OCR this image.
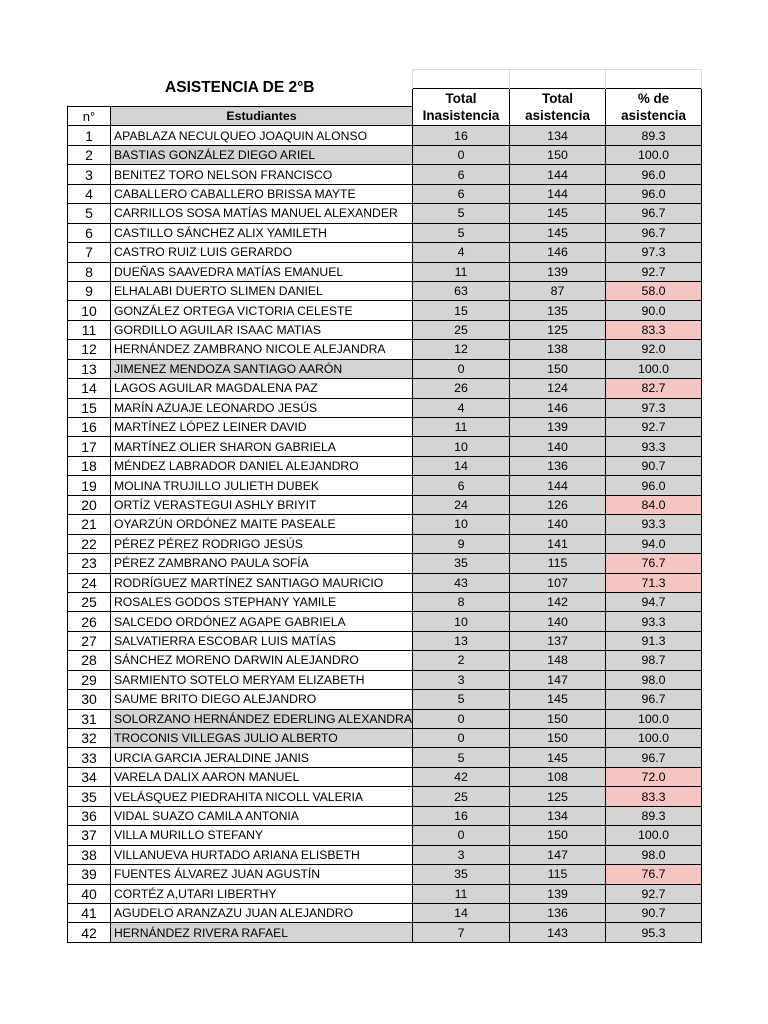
ASISTENCIA DE 2°B				
		Total Inasistencia	Total asistencia	% de asistencia
n°	Estudiantes			
1	APABLAZA NECULQUEO JOAQUIN ALONSO	16	134	89.3
2	BASTIAS GONZÁLEZ DIEGO ARIEL	0	150	100.0
3	BENITEZ TORO NELSON FRANCISCO	6	144	96.0
4	CABALLERO CABALLERO BRISSA MAYTE	6	144	96.0
5	CARRILLOS SOSA MATÍAS MANUEL ALEXANDER	5	145	96.7
6	CASTILLO SÁNCHEZ ALIX YAMILETH	5	145	96.7
7	CASTRO RUIZ LUIS GERARDO	4	146	97.3
8	DUEÑAS SAAVEDRA MATÍAS EMANUEL	11	139	92.7
9	ELHALABI DUERTO SLIMEN DANIEL	63	87	58.0
10	GONZÁLEZ ORTEGA VICTORIA CELESTE	15	135	90.0
11	GORDILLO AGUILAR ISAAC MATIAS	25	125	83.3
12	HERNÁNDEZ ZAMBRANO NICOLE ALEJANDRA	12	138	92.0
13	JIMENEZ MENDOZA SANTIAGO AARÓN	0	150	100.0
14	LAGOS AGUILAR MAGDALENA PAZ	26	124	82.7
15	MARÍN AZUAJE LEONARDO JESÚS	4	146	97.3
16	MARTÍNEZ LÓPEZ LEINER DAVID	11	139	92.7
17	MARTÍNEZ OLIER SHARON GABRIELA	10	140	93.3
18	MÉNDEZ LABRADOR DANIEL ALEJANDRO	14	136	90.7
19	MOLINA TRUJILLO JULIETH DUBEK	6	144	96.0
20	ORTÍZ VERASTEGUI ASHLY BRIYIT	24	126	84.0
21	OYARZÚN ORDÓNEZ MAITE PASEALE	10	140	93.3
22	PÉREZ PÉREZ RODRIGO JESÚS	9	141	94.0
23	PÉREZ ZAMBRANO PAULA SOFÍA	35	115	76.7
24	RODRÍGUEZ MARTÍNEZ SANTIAGO MAURICIO	43	107	71.3
25	ROSALES GODOS STEPHANY YAMILE	8	142	94.7
26	SALCEDO ORDÓNEZ AGAPE GABRIELA	10	140	93.3
27	SALVATIERRA ESCOBAR LUIS MATÍAS	13	137	91.3
28	SÁNCHEZ MORENO DARWIN ALEJANDRO	2	148	98.7
29	SARMIENTO SOTELO MERYAM ELIZABETH	3	147	98.0
30	SAUME BRITO DIEGO ALEJANDRO	5	145	96.7
31	SOLORZANO HERNÁNDEZ EDERLING ALEXANDRA	0	150	100.0
32	TROCONIS VILLEGAS JULIO ALBERTO	0	150	100.0
33	URCIA GARCIA JERALDINE JANIS	5	145	96.7
34	VARELA DALIX AARON MANUEL	42	108	72.0
35	VELÁSQUEZ PIEDRAHITA NICOLL VALERIA	25	125	83.3
36	VIDAL SUAZO CAMILA ANTONIA	16	134	89.3
37	VILLA MURILLO STEFANY	0	150	100.0
38	VILLANUEVA HURTADO ARIANA ELISBETH	3	147	98.0
39	FUENTES ÁLVAREZ JUAN AGUSTÍN	35	115	76.7
40	CORTÉZ A,UTARI LIBERTHY	11	139	92.7
41	AGUDELO ARANZAZU JUAN ALEJANDRO	14	136	90.7
42	HERNÁNDEZ RIVERA RAFAEL	7	143	95.3
